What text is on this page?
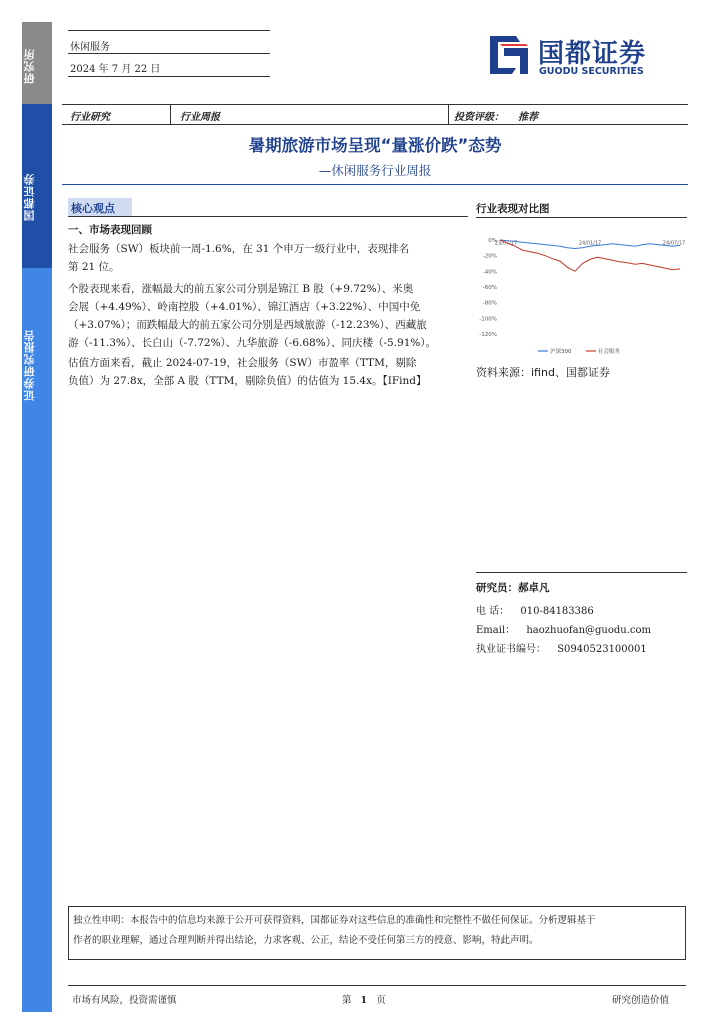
研究所
国都证券
证券研究报告
休闲服务
2024 年 7 月 22 日
国都证券
GUODU SECURITIES
行业研究	行业周报	投资评级： 推荐
暑期旅游市场呈现“量涨价跌”态势
—休闲服务行业周报
核心观点
一、市场表现回顾
社会服务（SW）板块前一周-1.6%，在 31 个申万一级行业中，表现排名
第 21 位。
个股表现来看，涨幅最大的前五家公司分别是锦江 B 股（+9.72%）、米奥
会展（+4.49%）、岭南控股（+4.01%）、锦江酒店（+3.22%）、中国中免
（+3.07%）；而跌幅最大的前五家公司分别是西域旅游（-12.23%）、西藏旅
游（-11.3%）、长白山（-7.72%）、九华旅游（-6.68%）、同庆楼（-5.91%）。
估值方面来看，截止 2024-07-19，社会服务（SW）市盈率（TTM，剔除
负值）为 27.8x，全部 A 股（TTM，剔除负值）的估值为 15.4x。【IFind】
行业表现对比图
0%
-20%
-40%
-60%
-80%
-100%
-120%
23/07/17	24/01/17	24/07/17
沪深300	社会服务
资料来源：ifind、国都证券
研究员：郝卓凡
电 话： 010-84183386
Email： haozhuofan@guodu.com
执业证书编号： S0940523100001
独立性申明：本报告中的信息均来源于公开可获得资料，国都证券对这些信息的准确性和完整性不做任何保证。分析逻辑基于
作者的职业理解，通过合理判断并得出结论，力求客观、公正，结论不受任何第三方的授意、影响，特此声明。
市场有风险，投资需谨慎	第 1 页	研究创造价值
